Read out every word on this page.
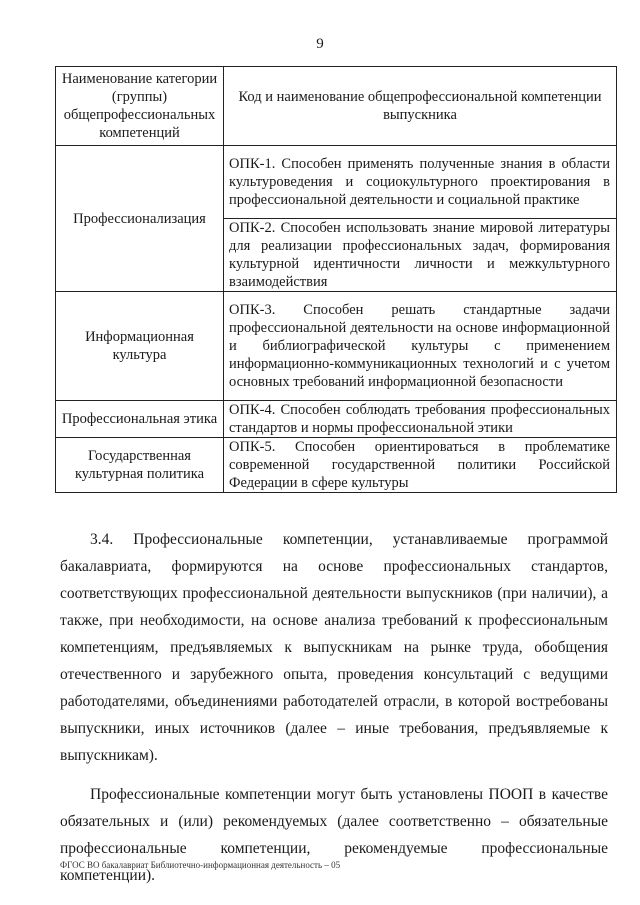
9
Наименование категории (группы) общепрофессиональных компетенций	Код и наименование общепрофессиональной компетенции выпускника
Профессионализация	ОПК-1. Способен применять полученные знания в области культуроведения и социокультурного проектирования в профессиональной деятельности и социальной практике
	ОПК-2. Способен использовать знание мировой литературы для реализации профессиональных задач, формирования культурной идентичности личности и межкультурного взаимодействия
Информационная культура	ОПК-3. Способен решать стандартные задачи профессиональной деятельности на основе информационной и библиографической культуры с применением информационно-коммуникационных технологий и с учетом основных требований информационной безопасности
Профессиональная этика	ОПК-4. Способен соблюдать требования профессиональных стандартов и нормы профессиональной этики
Государственная культурная политика	ОПК-5. Способен ориентироваться в проблематике современной государственной политики Российской Федерации в сфере культуры

3.4. Профессиональные компетенции, устанавливаемые программой бакалавриата, формируются на основе профессиональных стандартов, соответствующих профессиональной деятельности выпускников (при наличии), а также, при необходимости, на основе анализа требований к профессиональным компетенциям, предъявляемых к выпускникам на рынке труда, обобщения отечественного и зарубежного опыта, проведения консультаций с ведущими работодателями, объединениями работодателей отрасли, в которой востребованы выпускники, иных источников (далее – иные требования, предъявляемые к выпускникам).

Профессиональные компетенции могут быть установлены ПООП в качестве обязательных и (или) рекомендуемых (далее соответственно – обязательные профессиональные компетенции, рекомендуемые профессиональные компетенции).

ФГОС ВО бакалавриат Библиотечно-информационная деятельность – 05
